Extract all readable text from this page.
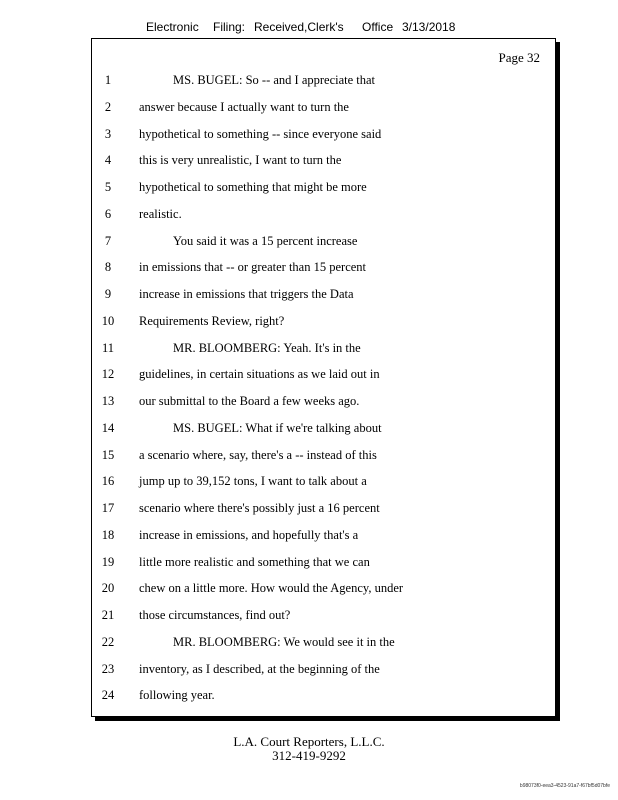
Electronic Filing: Received,Clerk's Office 3/13/2018
Page 32
1	MS. BUGEL: So -- and I appreciate that
2	answer because I actually want to turn the
3	hypothetical to something -- since everyone said
4	this is very unrealistic, I want to turn the
5	hypothetical to something that might be more
6	realistic.
7	You said it was a 15 percent increase
8	in emissions that -- or greater than 15 percent
9	increase in emissions that triggers the Data
10	Requirements Review, right?
11	MR. BLOOMBERG: Yeah. It's in the
12	guidelines, in certain situations as we laid out in
13	our submittal to the Board a few weeks ago.
14	MS. BUGEL: What if we're talking about
15	a scenario where, say, there's a -- instead of this
16	jump up to 39,152 tons, I want to talk about a
17	scenario where there's possibly just a 16 percent
18	increase in emissions, and hopefully that's a
19	little more realistic and something that we can
20	chew on a little more. How would the Agency, under
21	those circumstances, find out?
22	MR. BLOOMBERG: We would see it in the
23	inventory, as I described, at the beginning of the
24	following year.
L.A. Court Reporters, L.L.C.
312-419-9292
b98073f0-eea3-4523-91a7-f67bf5d07bfe
